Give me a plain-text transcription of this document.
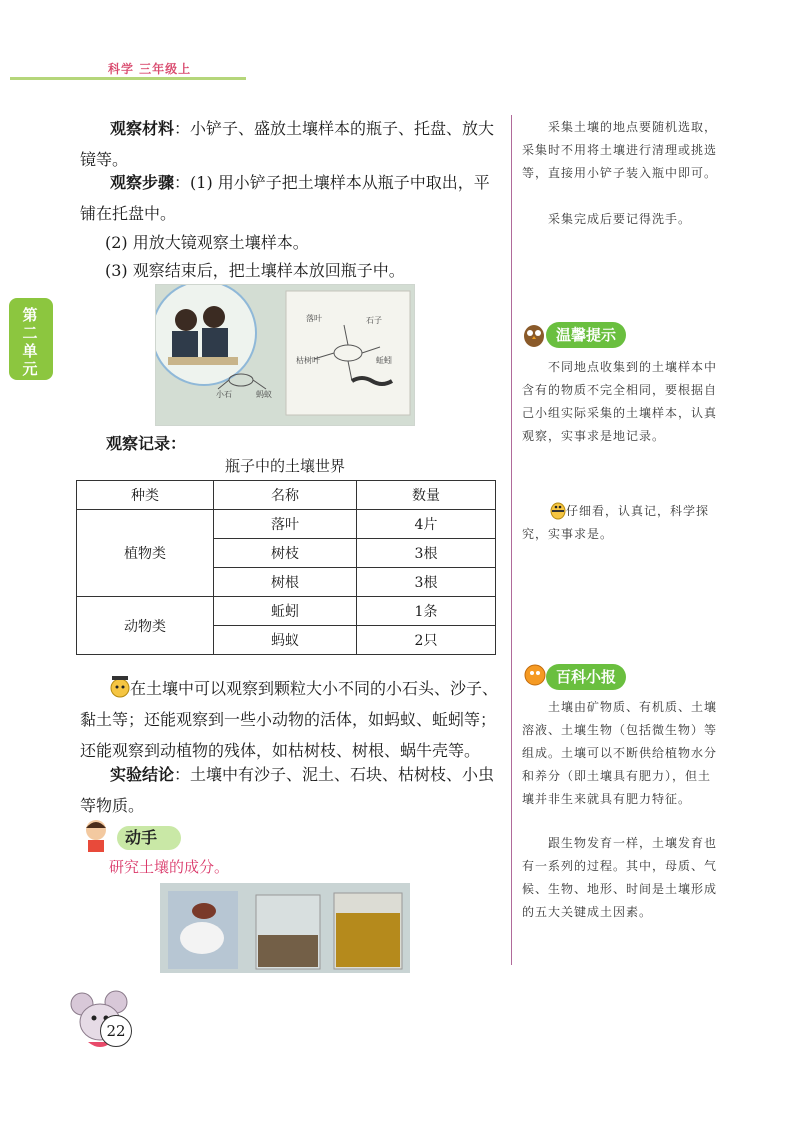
科学 三年级上
第二单元
观察材料：小铲子、盛放土壤样本的瓶子、托盘、放大镜等。
观察步骤：(1) 用小铲子把土壤样本从瓶子中取出，平铺在托盘中。
(2) 用放大镜观察土壤样本。
(3) 观察结束后，把土壤样本放回瓶子中。
落叶	石子
蚯蚓
枯树叶
小石	蚂蚁
观察记录：
瓶子中的土壤世界
种类	名称	数量
植物类	落叶	4片
	树枝	3根
	树根	3根
动物类	蚯蚓	1条
	蚂蚁	2只
在土壤中可以观察到颗粒大小不同的小石头、沙子、黏土等；还能观察到一些小动物的活体，如蚂蚁、蚯蚓等；还能观察到动植物的残体，如枯树枝、树根、蜗牛壳等。
实验结论：土壤中有沙子、泥土、石块、枯树枝、小虫等物质。
动手
研究土壤的成分。
采集土壤的地点要随机选取，采集时不用将土壤进行清理或挑选等，直接用小铲子装入瓶中即可。
采集完成后要记得洗手。
温馨提示
不同地点收集到的土壤样本中含有的物质不完全相同，要根据自己小组实际采集的土壤样本，认真观察，实事求是地记录。
仔细看，认真记，科学探究，实事求是。
百科小报
土壤由矿物质、有机质、土壤溶液、土壤生物（包括微生物）等组成。土壤可以不断供给植物水分和养分（即土壤具有肥力），但土壤并非生来就具有肥力特征。
跟生物发育一样，土壤发育也有一系列的过程。其中，母质、气候、生物、地形、时间是土壤形成的五大关键成土因素。
22
